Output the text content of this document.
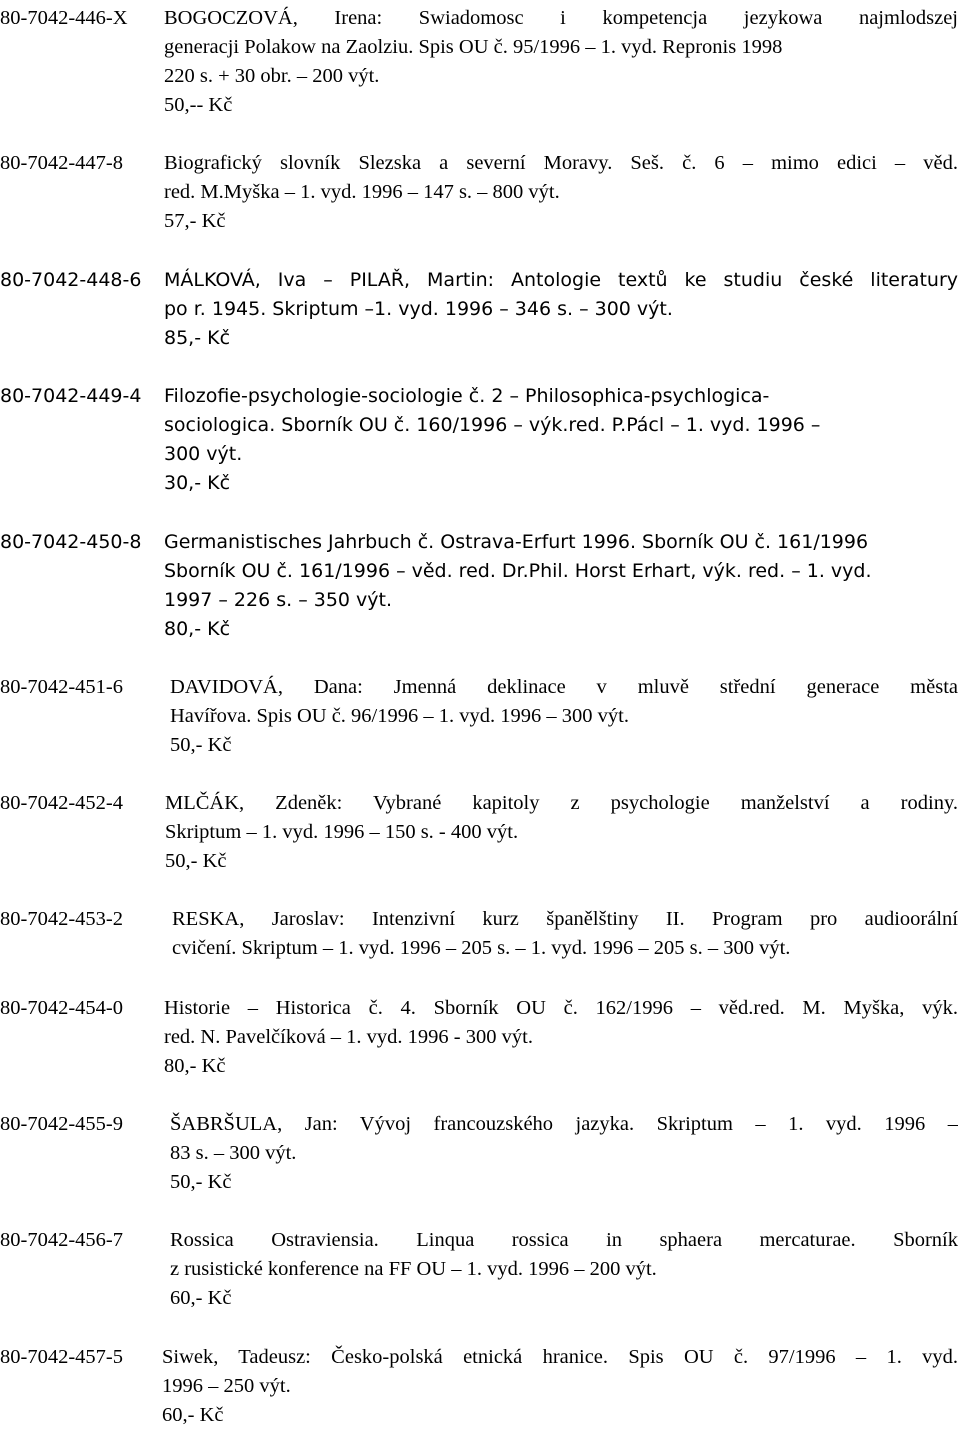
80-7042-446-X BOGOCZOVÁ, Irena: Swiadomosc i kompetencja jezykowa najmlodszej
generacji Polakow na Zaolziu. Spis OU č. 95/1996 – 1. vyd. Repronis 1998
220 s. + 30 obr. – 200 výt.
50,-- Kč
80-7042-447-8 Biografický slovník Slezska a severní Moravy. Seš. č. 6 – mimo edici – věd.
red. M.Myška – 1. vyd. 1996 – 147 s. – 800 výt.
57,- Kč
80-7042-448-6 MÁLKOVÁ, Iva – PILAŘ, Martin: Antologie textů ke studiu české literatury
po r. 1945. Skriptum –1. vyd. 1996 – 346 s. – 300 výt.
85,- Kč
80-7042-449-4 Filozofie-psychologie-sociologie č. 2 – Philosophica-psychlogica-
sociologica. Sborník OU č. 160/1996 – výk.red. P.Pácl – 1. vyd. 1996 –
300 výt.
30,- Kč
80-7042-450-8 Germanistisches Jahrbuch č. Ostrava-Erfurt 1996. Sborník OU č. 161/1996
Sborník OU č. 161/1996 – věd. red. Dr.Phil. Horst Erhart, výk. red. – 1. vyd.
1997 – 226 s. – 350 výt.
80,- Kč
80-7042-451-6 DAVIDOVÁ, Dana: Jmenná deklinace v mluvě střední generace města
Havířova. Spis OU č. 96/1996 – 1. vyd. 1996 – 300 výt.
50,- Kč
80-7042-452-4 MLČÁK, Zdeněk: Vybrané kapitoly z psychologie manželství a rodiny.
Skriptum – 1. vyd. 1996 – 150 s. - 400 výt.
50,- Kč
80-7042-453-2 RESKA, Jaroslav: Intenzivní kurz španělštiny II. Program pro audioorální
cvičení. Skriptum – 1. vyd. 1996 – 205 s. – 1. vyd. 1996 – 205 s. – 300 výt.
80-7042-454-0 Historie – Historica č. 4. Sborník OU č. 162/1996 – věd.red. M. Myška, výk.
red. N. Pavelčíková – 1. vyd. 1996 - 300 výt.
80,- Kč
80-7042-455-9 ŠABRŠULA, Jan: Vývoj francouzského jazyka. Skriptum – 1. vyd. 1996 –
83 s. – 300 výt.
50,- Kč
80-7042-456-7 Rossica Ostraviensia. Linqua rossica in sphaera mercaturae. Sborník
z rusistické konference na FF OU – 1. vyd. 1996 – 200 výt.
60,- Kč
80-7042-457-5 Siwek, Tadeusz: Česko-polská etnická hranice. Spis OU č. 97/1996 – 1. vyd.
1996 – 250 výt.
60,- Kč
